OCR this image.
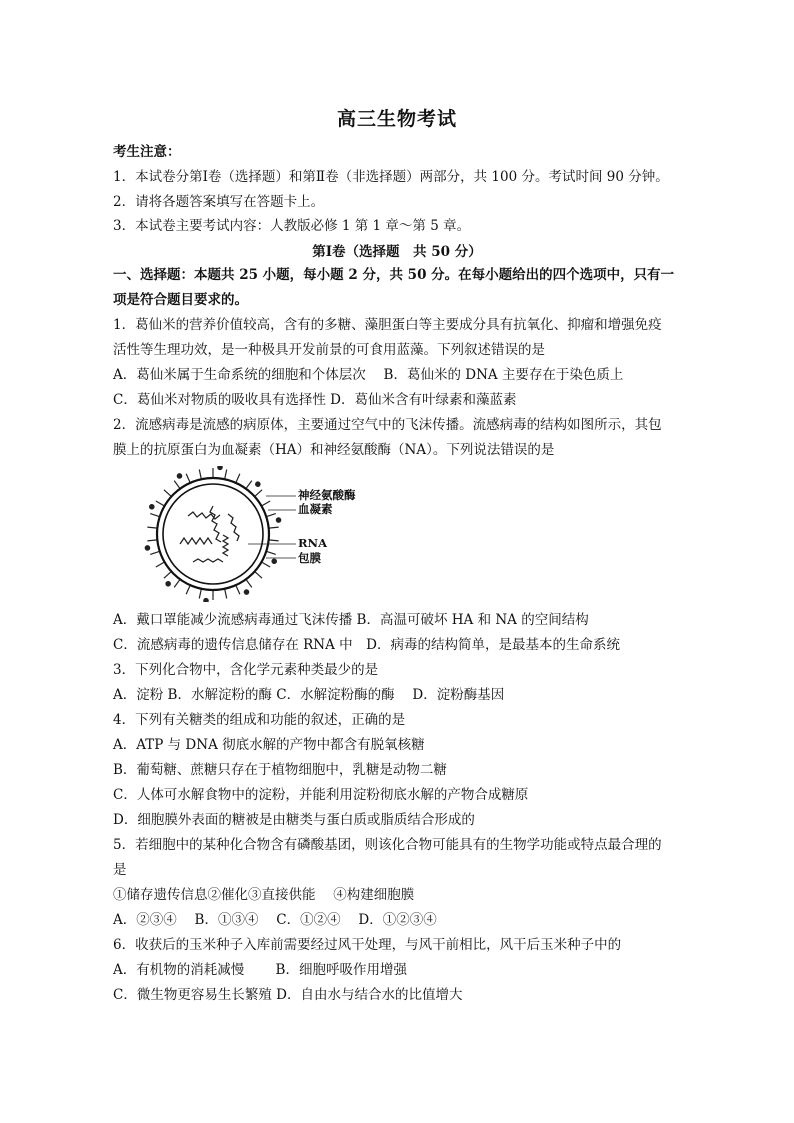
高三生物考试
考生注意：
1．本试卷分第Ⅰ卷（选择题）和第Ⅱ卷（非选择题）两部分，共 100 分。考试时间 90 分钟。
2．请将各题答案填写在答题卡上。
3．本试卷主要考试内容：人教版必修 1 第 1 章～第 5 章。
第Ⅰ卷（选择题　共 50 分）
一、选择题：本题共 25 小题，每小题 2 分，共 50 分。在每小题给出的四个选项中，只有一
项是符合题目要求的。
1．葛仙米的营养价值较高，含有的多糖、藻胆蛋白等主要成分具有抗氧化、抑瘤和增强免疫
活性等生理功效，是一种极具开发前景的可食用蓝藻。下列叙述错误的是
A．葛仙米属于生命系统的细胞和个体层次　 B．葛仙米的 DNA 主要存在于染色质上
C．葛仙米对物质的吸收具有选择性 D．葛仙米含有叶绿素和藻蓝素
2．流感病毒是流感的病原体，主要通过空气中的飞沫传播。流感病毒的结构如图所示，其包
膜上的抗原蛋白为血凝素（HA）和神经氨酸酶（NA）。下列说法错误的是
神经氨酸酶
血凝素
RNA
包膜
A．戴口罩能减少流感病毒通过飞沫传播 B．高温可破坏 HA 和 NA 的空间结构
C．流感病毒的遗传信息储存在 RNA 中　D．病毒的结构简单，是最基本的生命系统
3．下列化合物中，含化学元素种类最少的是
A．淀粉 B．水解淀粉的酶 C．水解淀粉酶的酶　 D．淀粉酶基因
4．下列有关糖类的组成和功能的叙述，正确的是
A．ATP 与 DNA 彻底水解的产物中都含有脱氧核糖
B．葡萄糖、蔗糖只存在于植物细胞中，乳糖是动物二糖
C．人体可水解食物中的淀粉，并能利用淀粉彻底水解的产物合成糖原
D．细胞膜外表面的糖被是由糖类与蛋白质或脂质结合形成的
5．若细胞中的某种化合物含有磷酸基团，则该化合物可能具有的生物学功能或特点最合理的
是
①储存遗传信息②催化③直接供能　 ④构建细胞膜
A．②③④　 B．①③④　 C．①②④　 D．①②③④
6．收获后的玉米种子入库前需要经过风干处理，与风干前相比，风干后玉米种子中的
A．有机物的消耗减慢　　 B．细胞呼吸作用增强
C．微生物更容易生长繁殖 D．自由水与结合水的比值增大
